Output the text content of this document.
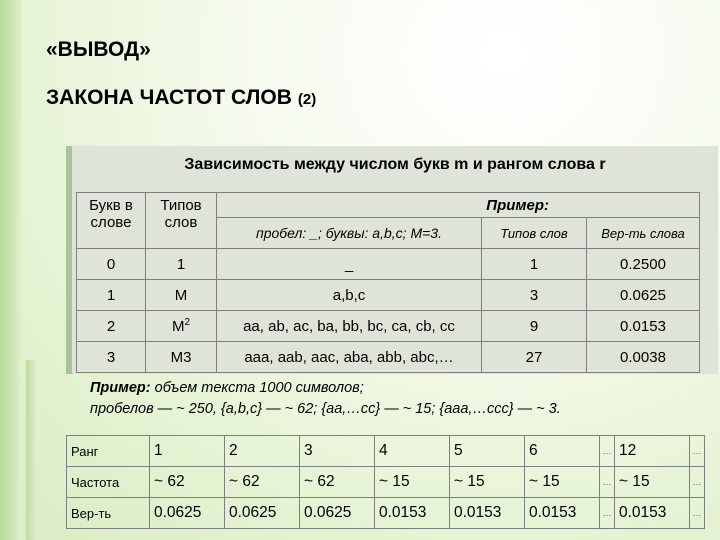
«ВЫВОД»
ЗАКОНА ЧАСТОТ СЛОВ (2)
Зависимость между числом букв m и рангом слова r
Букв в слове	Типов слов	Пример:		
		пробел: _; буквы: a,b,c; M=3.	Типов слов	Вер-ть слова
0	1	_	1	0.2500
1	M	a,b,c	3	0.0625
2	$M^2$	aa, ab, ac, ba, bb, bc, ca, cb, cc	9	0.0153
3	M3	aaa, aab, aac, aba, abb, abc,…	27	0.0038
Пример: объем текста 1000 символов;
пробелов — ~ 250, {a,b,c} — ~ 62; {aa,…cc} — ~ 15; {aaa,…ccc} — ~ 3.
Ранг	1	2	3	4	5	6	…	12	…
Частота	~ 62	~ 62	~ 62	~ 15	~ 15	~ 15	…	~ 15	…
Вер-ть	0.0625	0.0625	0.0625	0.0153	0.0153	0.0153	…	0.0153	…
